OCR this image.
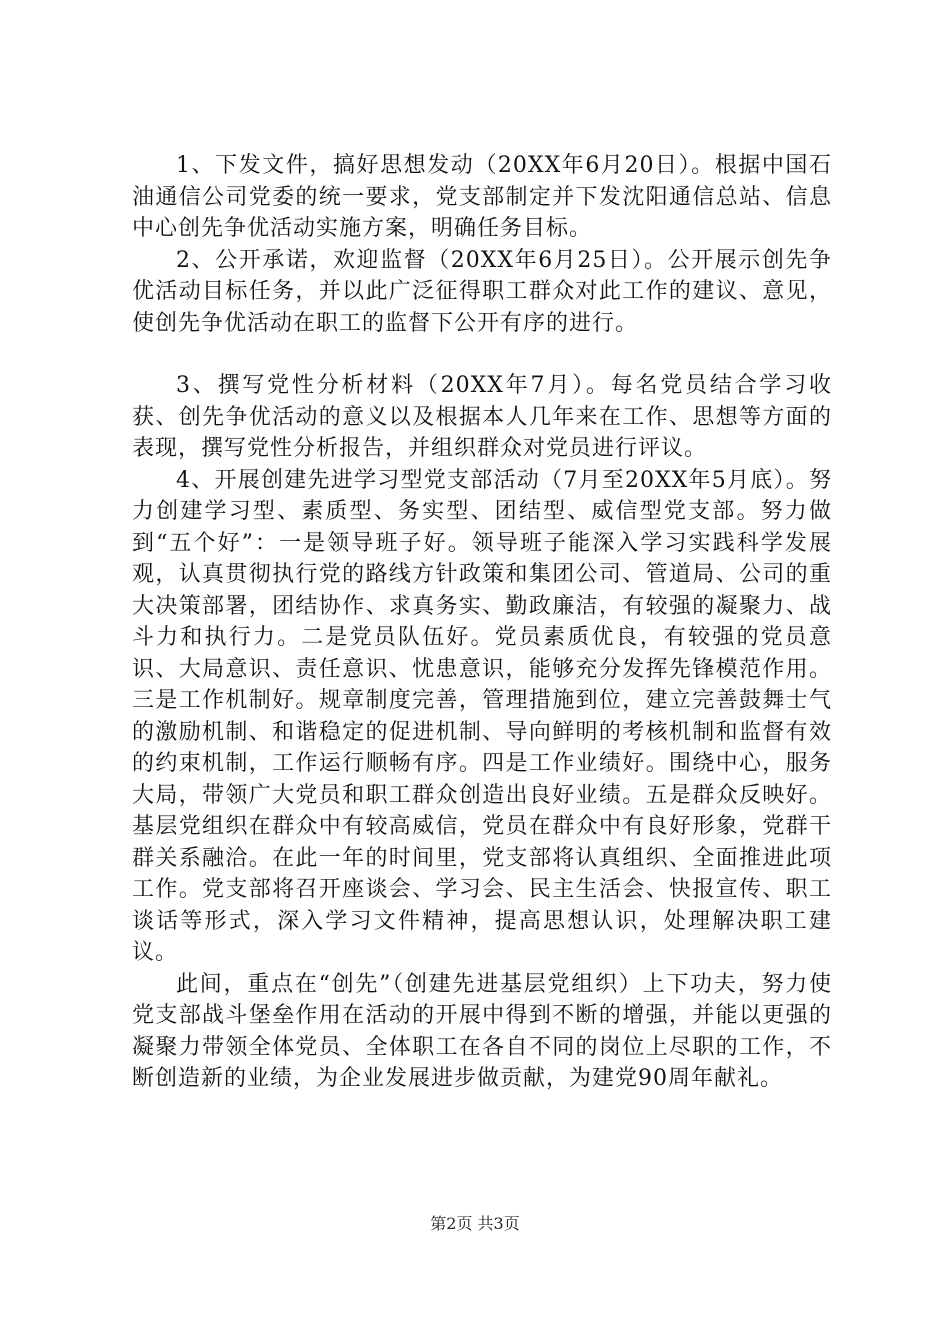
1、下发文件，搞好思想发动（20XX年6月20日）。根据中国石油通信公司党委的统一要求，党支部制定并下发沈阳通信总站、信息中心创先争优活动实施方案，明确任务目标。

2、公开承诺，欢迎监督（20XX年6月25日）。公开展示创先争优活动目标任务，并以此广泛征得职工群众对此工作的建议、意见，使创先争优活动在职工的监督下公开有序的进行。

3、撰写党性分析材料（20XX年7月）。每名党员结合学习收获、创先争优活动的意义以及根据本人几年来在工作、思想等方面的表现，撰写党性分析报告，并组织群众对党员进行评议。

4、开展创建先进学习型党支部活动（7月至20XX年5月底）。努力创建学习型、素质型、务实型、团结型、威信型党支部。努力做到“五个好”：一是领导班子好。领导班子能深入学习实践科学发展观，认真贯彻执行党的路线方针政策和集团公司、管道局、公司的重大决策部署，团结协作、求真务实、勤政廉洁，有较强的凝聚力、战斗力和执行力。二是党员队伍好。党员素质优良，有较强的党员意识、大局意识、责任意识、忧患意识，能够充分发挥先锋模范作用。三是工作机制好。规章制度完善，管理措施到位，建立完善鼓舞士气的激励机制、和谐稳定的促进机制、导向鲜明的考核机制和监督有效的约束机制，工作运行顺畅有序。四是工作业绩好。围绕中心，服务大局，带领广大党员和职工群众创造出良好业绩。五是群众反映好。基层党组织在群众中有较高威信，党员在群众中有良好形象，党群干群关系融洽。在此一年的时间里，党支部将认真组织、全面推进此项工作。党支部将召开座谈会、学习会、民主生活会、快报宣传、职工谈话等形式，深入学习文件精神，提高思想认识，处理解决职工建议。

此间，重点在“创先”（创建先进基层党组织）上下功夫，努力使党支部战斗堡垒作用在活动的开展中得到不断的增强，并能以更强的凝聚力带领全体党员、全体职工在各自不同的岗位上尽职的工作，不断创造新的业绩，为企业发展进步做贡献，为建党90周年献礼。

第2页 共3页
